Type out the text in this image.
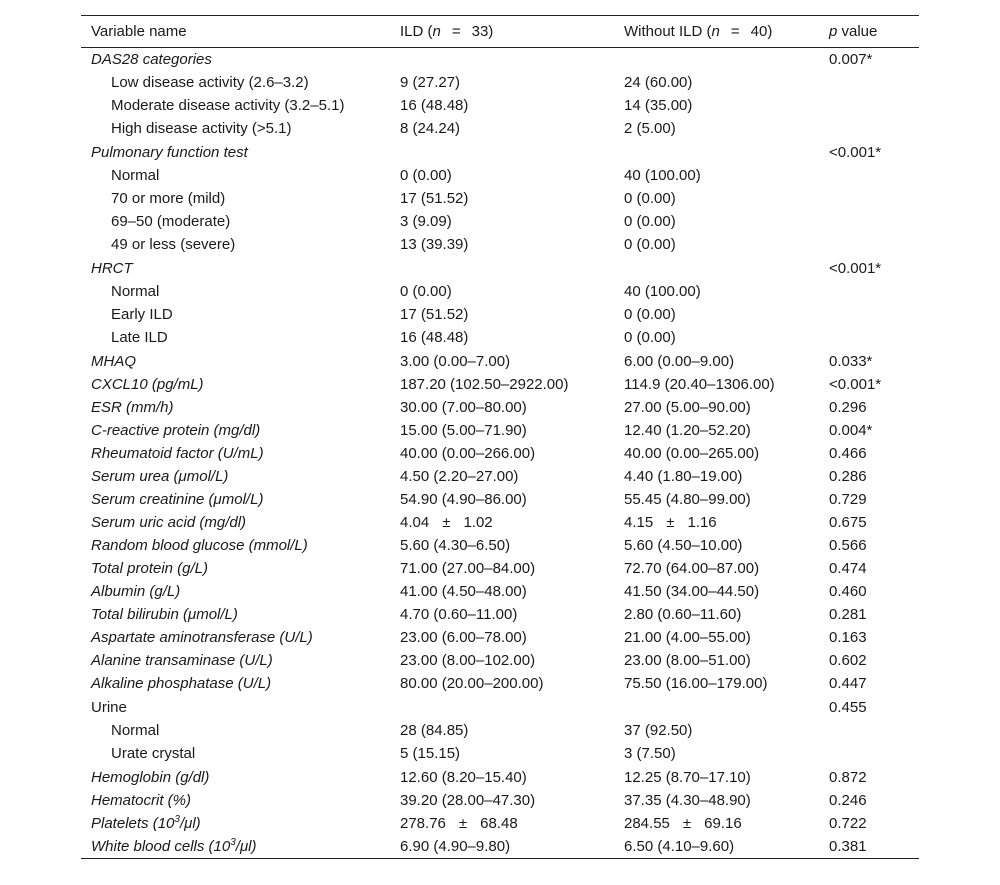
Variable name	ILD (n = 33)	Without ILD (n = 40)	p value
DAS28 categories			0.007*
Low disease activity (2.6–3.2)	9 (27.27)	24 (60.00)	
Moderate disease activity (3.2–5.1)	16 (48.48)	14 (35.00)	
High disease activity (>5.1)	8 (24.24)	2 (5.00)	
Pulmonary function test			<0.001*
Normal	0 (0.00)	40 (100.00)	
70 or more (mild)	17 (51.52)	0 (0.00)	
69–50 (moderate)	3 (9.09)	0 (0.00)	
49 or less (severe)	13 (39.39)	0 (0.00)	
HRCT			<0.001*
Normal	0 (0.00)	40 (100.00)	
Early ILD	17 (51.52)	0 (0.00)	
Late ILD	16 (48.48)	0 (0.00)	
MHAQ	3.00 (0.00–7.00)	6.00 (0.00–9.00)	0.033*
CXCL10 (pg/mL)	187.20 (102.50–2922.00)	114.9 (20.40–1306.00)	<0.001*
ESR (mm/h)	30.00 (7.00–80.00)	27.00 (5.00–90.00)	0.296
C-reactive protein (mg/dl)	15.00 (5.00–71.90)	12.40 (1.20–52.20)	0.004*
Rheumatoid factor (U/mL)	40.00 (0.00–266.00)	40.00 (0.00–265.00)	0.466
Serum urea (μmol/L)	4.50 (2.20–27.00)	4.40 (1.80–19.00)	0.286
Serum creatinine (μmol/L)	54.90 (4.90–86.00)	55.45 (4.80–99.00)	0.729
Serum uric acid (mg/dl)	4.04 ± 1.02	4.15 ± 1.16	0.675
Random blood glucose (mmol/L)	5.60 (4.30–6.50)	5.60 (4.50–10.00)	0.566
Total protein (g/L)	71.00 (27.00–84.00)	72.70 (64.00–87.00)	0.474
Albumin (g/L)	41.00 (4.50–48.00)	41.50 (34.00–44.50)	0.460
Total bilirubin (μmol/L)	4.70 (0.60–11.00)	2.80 (0.60–11.60)	0.281
Aspartate aminotransferase (U/L)	23.00 (6.00–78.00)	21.00 (4.00–55.00)	0.163
Alanine transaminase (U/L)	23.00 (8.00–102.00)	23.00 (8.00–51.00)	0.602
Alkaline phosphatase (U/L)	80.00 (20.00–200.00)	75.50 (16.00–179.00)	0.447
Urine			0.455
Normal	28 (84.85)	37 (92.50)	
Urate crystal	5 (15.15)	3 (7.50)	
Hemoglobin (g/dl)	12.60 (8.20–15.40)	12.25 (8.70–17.10)	0.872
Hematocrit (%)	39.20 (28.00–47.30)	37.35 (4.30–48.90)	0.246
Platelets $(10^3/\mu l)$	278.76 ± 68.48	284.55 ± 69.16	0.722
White blood cells $(10^3/\mu l)$	6.90 (4.90–9.80)	6.50 (4.10–9.60)	0.381
